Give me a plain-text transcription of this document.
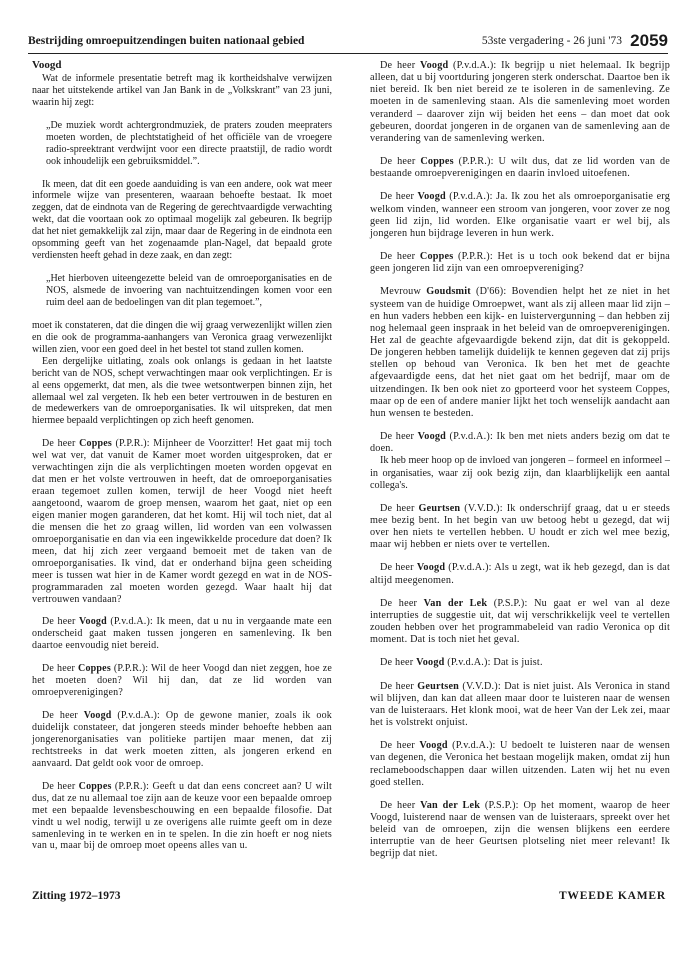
Bestrijding omroepuitzendingen buiten nationaal gebied	53ste vergadering - 26 juni '73 2059
Voogd

Wat de informele presentatie betreft mag ik kortheidshalve verwijzen naar het uitstekende artikel van Jan Bank in de „Volkskrant” van 23 juni, waarin hij zegt:

„De muziek wordt achtergrondmuziek, de praters zouden meepraters moeten worden, de plechtstatigheid of het officiële van de vroegere radio-spreektrant verdwijnt voor een directe praatstijl, de radio wordt ook inhoudelijk een gebruiksmiddel.”.

Ik meen, dat dit een goede aanduiding is van een andere, ook wat meer informele wijze van presenteren, waaraan behoefte bestaat. Ik moet zeggen, dat de eindnota van de Regering de gerechtvaardigde verwachting wekt, dat die voortaan ook zo optimaal mogelijk zal gebeuren. Ik begrijp dat het niet gemakkelijk zal zijn, maar daar de Regering in de eindnota een opsomming geeft van het zogenaamde plan-Nagel, dat bepaald grote verdiensten heeft gehad in deze zaak, en dan zegt:

„Het hierboven uiteengezette beleid van de omroeporganisaties en de NOS, alsmede de invoering van nachtuitzendingen komen voor een ruim deel aan de bedoelingen van dit plan tegemoet.”,

moet ik constateren, dat die dingen die wij graag verwezenlijkt willen zien en die ook de programma-aanhangers van Veronica graag verwezenlijkt willen zien, voor een goed deel in het bestel tot stand zullen komen.

Een dergelijke uitlating, zoals ook onlangs is gedaan in het laatste bericht van de NOS, schept verwachtingen maar ook verplichtingen. Er is al eens opgemerkt, dat men, als die twee wetsontwerpen binnen zijn, het allemaal wel zal vergeten. Ik heb een beter vertrouwen in de besturen en de medewerkers van de omroeporganisaties. Ik wil uitspreken, dat men hiermee bepaald verplichtingen op zich heeft genomen.

De heer Coppes (P.P.R.): Mijnheer de Voorzitter! Het gaat mij toch wel wat ver, dat vanuit de Kamer moet worden uitgesproken, dat er verwachtingen zijn die als verplichtingen moeten worden opgevat en dat men er het volste vertrouwen in heeft, dat de omroeporganisaties eraan tegemoet zullen komen, terwijl de heer Voogd niet heeft aangetoond, waarom de groep mensen, waarom het gaat, niet op een eigen manier mogen garanderen, dat het komt. Hij wil toch niet, dat al die mensen die het zo graag willen, lid worden van een volwassen omroeporganisatie en dan via een ingewikkelde procedure dat doen? Ik meen, dat hij zich zeer vergaand bemoeit met de taken van de omroeporganisaties. Ik vind, dat er onderhand bijna geen scheiding meer is tussen wat hier in de Kamer wordt gezegd en wat in de NOS-programmaraden zal moeten worden gezegd. Waar haalt hij dat vertrouwen vandaan?

De heer Voogd (P.v.d.A.): Ik meen, dat u nu in vergaande mate een onderscheid gaat maken tussen jongeren en samenleving. Ik ben daartoe eenvoudig niet bereid.

De heer Coppes (P.P.R.): Wil de heer Voogd dan niet zeggen, hoe ze het moeten doen? Wil hij dan, dat ze lid worden van omroepverenigingen?

De heer Voogd (P.v.d.A.): Op de gewone manier, zoals ik ook duidelijk constateer, dat jongeren steeds minder behoefte hebben aan jongerenorganisaties van politieke partijen maar menen, dat zij rechtstreeks in dat werk moeten zitten, als jongeren erkend en aanvaard. Dat geldt ook voor de omroep.

De heer Coppes (P.P.R.): Geeft u dat dan eens concreet aan? U wilt dus, dat ze nu allemaal toe zijn aan de keuze voor een bepaalde omroep met een bepaalde levensbeschouwing en een bepaalde filosofie. Dat vindt u wel nodig, terwijl u ze overigens alle ruimte geeft om in deze samenleving in te werken en in te spelen. In die zin hoeft er nog niets van u, maar bij de omroep moet opeens alles van u.

De heer Voogd (P.v.d.A.): Ik begrijp u niet helemaal. Ik begrijp alleen, dat u bij voortduring jongeren sterk onderschat. Daartoe ben ik niet bereid. Ik ben niet bereid ze te isoleren in de samenleving. Ze moeten in de samenleving staan. Als die samenleving moet worden veranderd – daarover zijn wij beiden het eens – dan moet dat ook gebeuren, doordat jongeren in de organen van de samenleving aan de verandering van de samenleving werken.

De heer Coppes (P.P.R.): U wilt dus, dat ze lid worden van de bestaande omroepverenigingen en daarin invloed uitoefenen.

De heer Voogd (P.v.d.A.): Ja. Ik zou het als omroeporganisatie erg welkom vinden, wanneer een stroom van jongeren, voor zover ze nog geen lid zijn, lid worden. Elke organisatie vaart er wel bij, als jongeren hun bijdrage leveren in hun werk.

De heer Coppes (P.P.R.): Het is u toch ook bekend dat er bijna geen jongeren lid zijn van een omroepvereniging?

Mevrouw Goudsmit (D'66): Bovendien helpt het ze niet in het systeem van de huidige Omroepwet, want als zij alleen maar lid zijn – en hun vaders hebben een kijk- en luistervergunning – dan hebben zij nog helemaal geen inspraak in het beleid van de omroepverenigingen. Het zal de geachte afgevaardigde bekend zijn, dat dit is gekoppeld. De jongeren hebben tamelijk duidelijk te kennen gegeven dat zij prijs stellen op behoud van Veronica. Ik ben het met de geachte afgevaardigde eens, dat het niet gaat om het bedrijf, maar om de uitzendingen. Ik ben ook niet zo gporteerd voor het systeem Coppes, maar op de een of andere manier lijkt het toch wenselijk aandacht aan hun wensen te besteden.

De heer Voogd (P.v.d.A.): Ik ben met niets anders bezig om dat te doen.

Ik heb meer hoop op de invloed van jongeren – formeel en informeel – in organisaties, waar zij ook bezig zijn, dan klaarblijkelijk een aantal collega's.

De heer Geurtsen (V.V.D.): Ik onderschrijf graag, dat u er steeds mee bezig bent. In het begin van uw betoog hebt u gezegd, dat wij over hen niets te vertellen hebben. U houdt er zich wel mee bezig, maar wij hebben er niets over te vertellen.

De heer Voogd (P.v.d.A.): Als u zegt, wat ik heb gezegd, dan is dat altijd meegenomen.

De heer Van der Lek (P.S.P.): Nu gaat er wel van al deze interrupties de suggestie uit, dat wij verschrikkelijk veel te vertellen zouden hebben over het programmabeleid van radio Veronica op dit moment. Dat is toch niet het geval.

De heer Voogd (P.v.d.A.): Dat is juist.

De heer Geurtsen (V.V.D.): Dat is niet juist. Als Veronica in stand wil blijven, dan kan dat alleen maar door te luisteren naar de wensen van de luisteraars. Het klonk mooi, wat de heer Van der Lek zei, maar het is volstrekt onjuist.

De heer Voogd (P.v.d.A.): U bedoelt te luisteren naar de wensen van degenen, die Veronica het bestaan mogelijk maken, omdat zij hun reclameboodschappen daar willen uitzenden. Laten wij het nu even goed stellen.

De heer Van der Lek (P.S.P.): Op het moment, waarop de heer Voogd, luisterend naar de wensen van de luisteraars, spreekt over het beleid van de omroepen, zijn die wensen blijkens een eerdere interruptie van de heer Geurtsen plotseling niet meer relevant! Ik begrijp dat niet.

Zitting 1972–1973	TWEEDE KAMER
